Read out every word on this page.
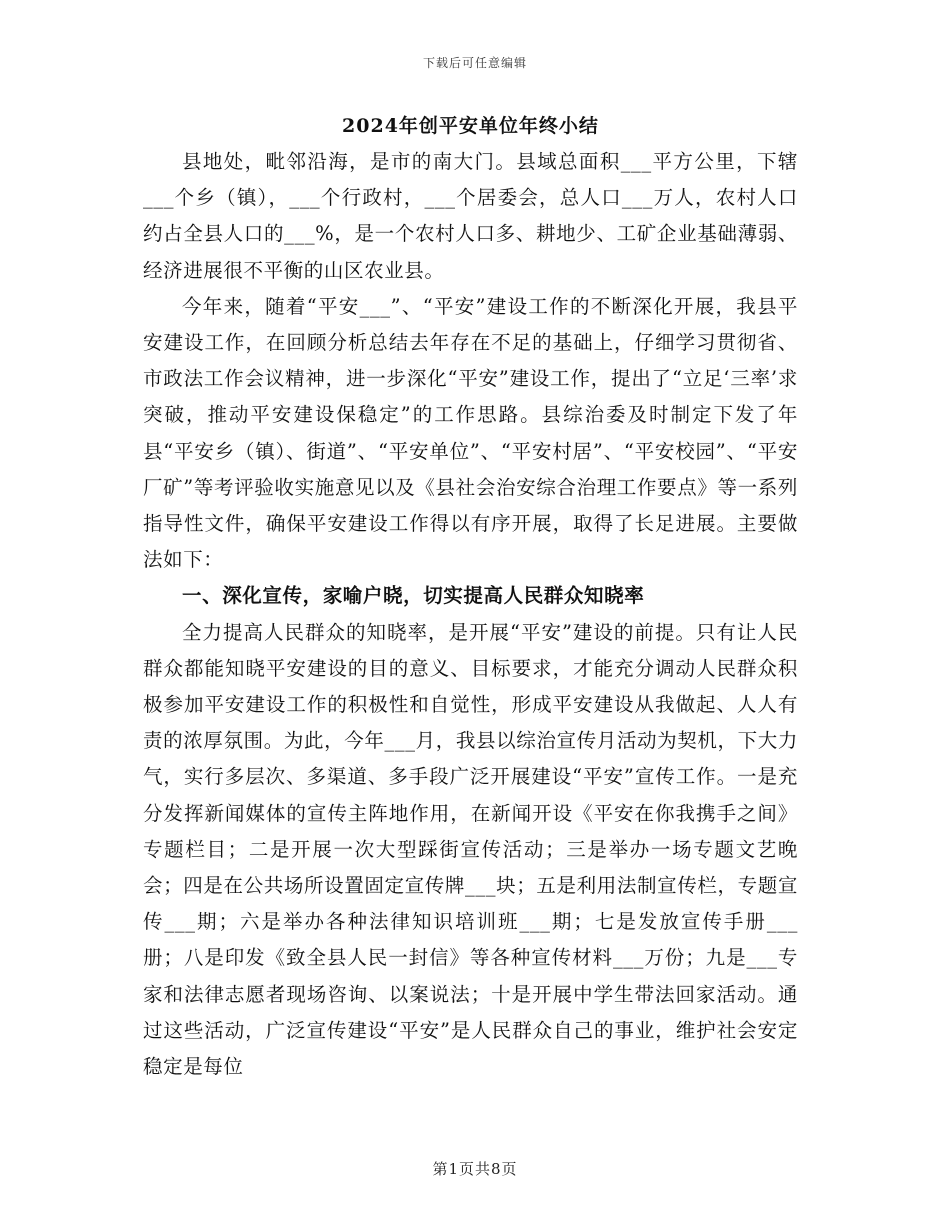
下载后可任意编辑
2024年创平安单位年终小结

县地处，毗邻沿海，是市的南大门。县域总面积___平方公里，下辖___个乡（镇），___个行政村，___个居委会，总人口___万人，农村人口约占全县人口的___%，是一个农村人口多、耕地少、工矿企业基础薄弱、经济进展很不平衡的山区农业县。

今年来，随着“平安___”、“平安”建设工作的不断深化开展，我县平安建设工作，在回顾分析总结去年存在不足的基础上，仔细学习贯彻省、市政法工作会议精神，进一步深化“平安”建设工作，提出了“立足‘三率’求突破，推动平安建设保稳定”的工作思路。县综治委及时制定下发了年县“平安乡（镇）、街道”、“平安单位”、“平安村居”、“平安校园”、“平安厂矿”等考评验收实施意见以及《县社会治安综合治理工作要点》等一系列指导性文件，确保平安建设工作得以有序开展，取得了长足进展。主要做法如下：

一、深化宣传，家喻户晓，切实提高人民群众知晓率

全力提高人民群众的知晓率，是开展“平安”建设的前提。只有让人民群众都能知晓平安建设的目的意义、目标要求，才能充分调动人民群众积极参加平安建设工作的积极性和自觉性，形成平安建设从我做起、人人有责的浓厚氛围。为此，今年___月，我县以综治宣传月活动为契机，下大力气，实行多层次、多渠道、多手段广泛开展建设“平安”宣传工作。一是充分发挥新闻媒体的宣传主阵地作用，在新闻开设《平安在你我携手之间》专题栏目；二是开展一次大型踩街宣传活动；三是举办一场专题文艺晚会；四是在公共场所设置固定宣传牌___块；五是利用法制宣传栏，专题宣传___期；六是举办各种法律知识培训班___期；七是发放宣传手册___册；八是印发《致全县人民一封信》等各种宣传材料___万份；九是___专家和法律志愿者现场咨询、以案说法；十是开展中学生带法回家活动。通过这些活动，广泛宣传建设“平安”是人民群众自己的事业，维护社会安定稳定是每位

第1页共8页
